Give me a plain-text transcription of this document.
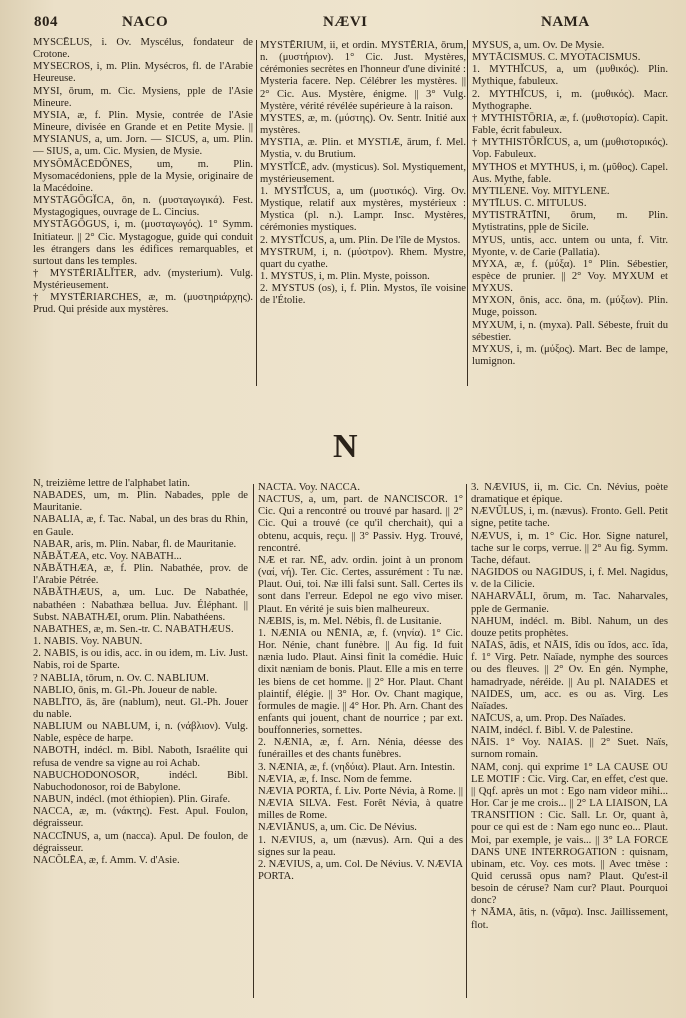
804	NACO	NÆVI	NAMA

MYSCĒLUS, i. Ov. Myscélus, fondateur de Crotone.

MYSECROS, i, m. Plin. Mysécros, fl. de l'Arabie Heureuse.

MYSI, ōrum, m. Cic. Mysiens, pple de l'Asie Mineure.

MYSIA, æ, f. Plin. Mysie, contrée de l'Asie Mineure, divisée en Grande et en Petite Mysie. || MYSIANUS, a, um. Jorn. — SICUS, a, um. Plin. — SIUS, a, um. Cic. Mysien, de Mysie.

MYSŎMĂCĒDŎNES, um, m. Plin. Mysomacédoniens, pple de la Mysie, originaire de la Macédoine.

MYSTĀGŌGĬCA, ōn, n. (μυσταγωγικά). Fest. Mystagogiques, ouvrage de L. Cincius.

MYSTĀGŌGUS, i, m. (μυσταγωγός). 1° Symm. Initiateur. || 2° Cic. Mystagogue, guide qui conduit les étrangers dans les édifices remarquables, et surtout dans les temples.

† MYSTĒRIĀLĬTER, adv. (mysterium). Vulg. Mystérieusement.

† MYSTĒRIARCHES, æ, m. (μυστηριάρχης). Prud. Qui préside aux mystères.

MYSTĒRIUM, ii, et ordin. MYSTĒRIA, ōrum, n. (μυστήριον). 1° Cic. Just. Mystères, cérémonies secrètes en l'honneur d'une divinité : Mysteria facere. Nep. Célébrer les mystères. || 2° Cic. Aus. Mystère, énigme. || 3° Vulg. Mystère, vérité révélée supérieure à la raison.

MYSTES, æ, m. (μύστης). Ov. Sentr. Initié aux mystères.

MYSTIA, æ. Plin. et MYSTIÆ, ārum, f. Mel. Mystia, v. du Brutium.

MYSTĬCĒ, adv. (mysticus). Sol. Mystiquement, mystérieusement.

1. MYSTĬCUS, a, um (μυστικός). Virg. Ov. Mystique, relatif aux mystères, mystérieux : Mystica (pl. n.). Lampr. Insc. Mystères, cérémonies mystiques.

2. MYSTĬCUS, a, um. Plin. De l'île de Mystos.

MYSTRUM, i, n. (μύστρον). Rhem. Mystre, quart du cyathe.

1. MYSTUS, i, m. Plin. Myste, poisson.

2. MYSTUS (os), i, f. Plin. Mystos, île voisine de l'Étolie.

MYSUS, a, um. Ov. De Mysie.

MYTĀCISMUS. C. MYOTACISMUS.

1. MYTHĬCUS, a, um (μυθικός). Plin. Mythique, fabuleux.

2. MYTHĬCUS, i, m. (μυθικός). Macr. Mythographe.

† MYTHISTŌRIA, æ, f. (μυθιστορία). Capit. Fable, écrit fabuleux.

† MYTHISTŌRĬCUS, a, um (μυθιστορικός). Vop. Fabuleux.

MYTHOS et MYTHUS, i, m. (μῦθος). Capel. Aus. Mythe, fable.

MYTILENE. Voy. MITYLENE.

MYTĪLUS. C. MITULUS.

MYTISTRĀTĪNI, ōrum, m. Plin. Mytistratins, pple de Sicile.

MYUS, untis, acc. untem ou unta, f. Vitr. Myonte, v. de Carie (Pallatia).

MYXA, æ, f. (μύξα). 1° Plin. Sébestier, espèce de prunier. || 2° Voy. MYXUM et MYXUS.

MYXON, ōnis, acc. ōna, m. (μύξων). Plin. Muge, poisson.

MYXUM, i, n. (myxa). Pall. Sébeste, fruit du sébestier.

MYXUS, i, m. (μύξος). Mart. Bec de lampe, lumignon.

N

N, treizième lettre de l'alphabet latin.

NABADES, um, m. Plin. Nabades, pple de Mauritanie.

NABALIA, æ, f. Tac. Nabal, un des bras du Rhin, en Gaule.

NABAR, aris, m. Plin. Nabar, fl. de Mauritanie.

NĀBĂTÆA, etc. Voy. NABATH...

NĀBĂTHÆA, æ, f. Plin. Nabathée, prov. de l'Arabie Pétrée.

NĀBĂTHÆUS, a, um. Luc. De Nabathée, nabathéen : Nabathæa bellua. Juv. Éléphant. || Subst. NABATHÆI, orum. Plin. Nabathéens.

NABATHES, æ, m. Sen.-tr. C. NABATHÆUS.

1. NABIS. Voy. NABUN.

2. NABIS, is ou idis, acc. in ou idem, m. Liv. Just. Nabis, roi de Sparte.

? NABLIA, tōrum, n. Ov. C. NABLIUM.

NABLIO, ōnis, m. Gl.-Ph. Joueur de nable.

NABLĪTO, ās, āre (nablum), neut. Gl.-Ph. Jouer du nable.

NABLIUM ou NABLUM, i, n. (νάβλιον). Vulg. Nable, espèce de harpe.

NABOTH, indécl. m. Bibl. Naboth, Israélite qui refusa de vendre sa vigne au roi Achab.

NABUCHODONOSOR, indécl. Bibl. Nabuchodonosor, roi de Babylone.

NABUN, indécl. (mot éthiopien). Plin. Girafe.

NACCA, æ, m. (νάκτης). Fest. Apul. Foulon, dégraisseur.

NACCĪNUS, a, um (nacca). Apul. De foulon, de dégraisseur.

NACŎLĒA, æ, f. Amm. V. d'Asie.

NACTA. Voy. NACCA.

NACTUS, a, um, part. de NANCISCOR. 1° Cic. Qui a rencontré ou trouvé par hasard. || 2° Cic. Qui a trouvé (ce qu'il cherchait), qui a obtenu, acquis, reçu. || 3° Passiv. Hyg. Trouvé, rencontré.

NÆ et rar. NĒ, adv. ordin. joint à un pronom (ναί, νή). Ter. Cic. Certes, assurément : Tu næ. Plaut. Oui, toi. Næ illi falsi sunt. Sall. Certes ils sont dans l'erreur. Edepol ne ego vivo miser. Plaut. En vérité je suis bien malheureux.

NÆBIS, is, m. Mel. Nébis, fl. de Lusitanie.

1. NÆNIA ou NĒNIA, æ, f. (νηνία). 1° Cic. Hor. Nénie, chant funèbre. || Au fig. Id fuit nænia ludo. Plaut. Ainsi finit la comédie. Huic dixit næniam de bonis. Plaut. Elle a mis en terre les biens de cet homme. || 2° Hor. Plaut. Chant plaintif, élégie. || 3° Hor. Ov. Chant magique, formules de magie. || 4° Hor. Ph. Arn. Chant des enfants qui jouent, chant de nourrice ; par ext. bouffonneries, sornettes.

2. NÆNIA, æ, f. Arn. Nénia, déesse des funérailles et des chants funèbres.

3. NÆNIA, æ, f. (νηδύια). Plaut. Arn. Intestin.

NÆVIA, æ, f. Insc. Nom de femme.

NÆVIA PORTA, f. Liv. Porte Névia, à Rome. || NÆVIA SILVA. Fest. Forêt Névia, à quatre milles de Rome.

NÆVIĀNUS, a, um. Cic. De Névius.

1. NÆVIUS, a, um (nævus). Arn. Qui a des signes sur la peau.

2. NÆVIUS, a, um. Col. De Névius. V. NÆVIA PORTA.

3. NÆVIUS, ii, m. Cic. Cn. Névius, poète dramatique et épique.

NÆVŬLUS, i, m. (nævus). Fronto. Gell. Petit signe, petite tache.

NÆVUS, i, m. 1° Cic. Hor. Signe naturel, tache sur le corps, verrue. || 2° Au fig. Symm. Tache, défaut.

NAGIDOS ou NAGIDUS, i, f. Mel. Nagidus, v. de la Cilicie.

NAHARVĀLI, ōrum, m. Tac. Naharvales, pple de Germanie.

NAHUM, indécl. m. Bibl. Nahum, un des douze petits prophètes.

NAĪAS, ădis, et NĀIS, ĭdis ou ĭdos, acc. ĭda, f. 1° Virg. Petr. Naïade, nymphe des sources ou des fleuves. || 2° Ov. En gén. Nymphe, hamadryade, néréide. || Au pl. NAIADES et NAIDES, um, acc. es ou as. Virg. Les Naïades.

NAĪCUS, a, um. Prop. Des Naïades.

NAIM, indécl. f. Bibl. V. de Palestine.

NĀIS. 1° Voy. NAIAS. || 2° Suet. Naïs, surnom romain.

NAM, conj. qui exprime 1° LA CAUSE OU LE MOTIF : Cic. Virg. Car, en effet, c'est que. || Qqf. après un mot : Ego nam videor mihi... Hor. Car je me crois... || 2° LA LIAISON, LA TRANSITION : Cic. Sall. Lr. Or, quant à, pour ce qui est de : Nam ego nunc eo... Plaut. Moi, par exemple, je vais... || 3° LA FORCE DANS UNE INTERROGATION : quisnam, ubinam, etc. Voy. ces mots. || Avec tmèse : Quid cerussā opus nam? Plaut. Qu'est-il besoin de céruse? Nam cur? Plaut. Pourquoi donc?

† NĀMA, ătis, n. (νᾶμα). Insc. Jaillissement, flot.
